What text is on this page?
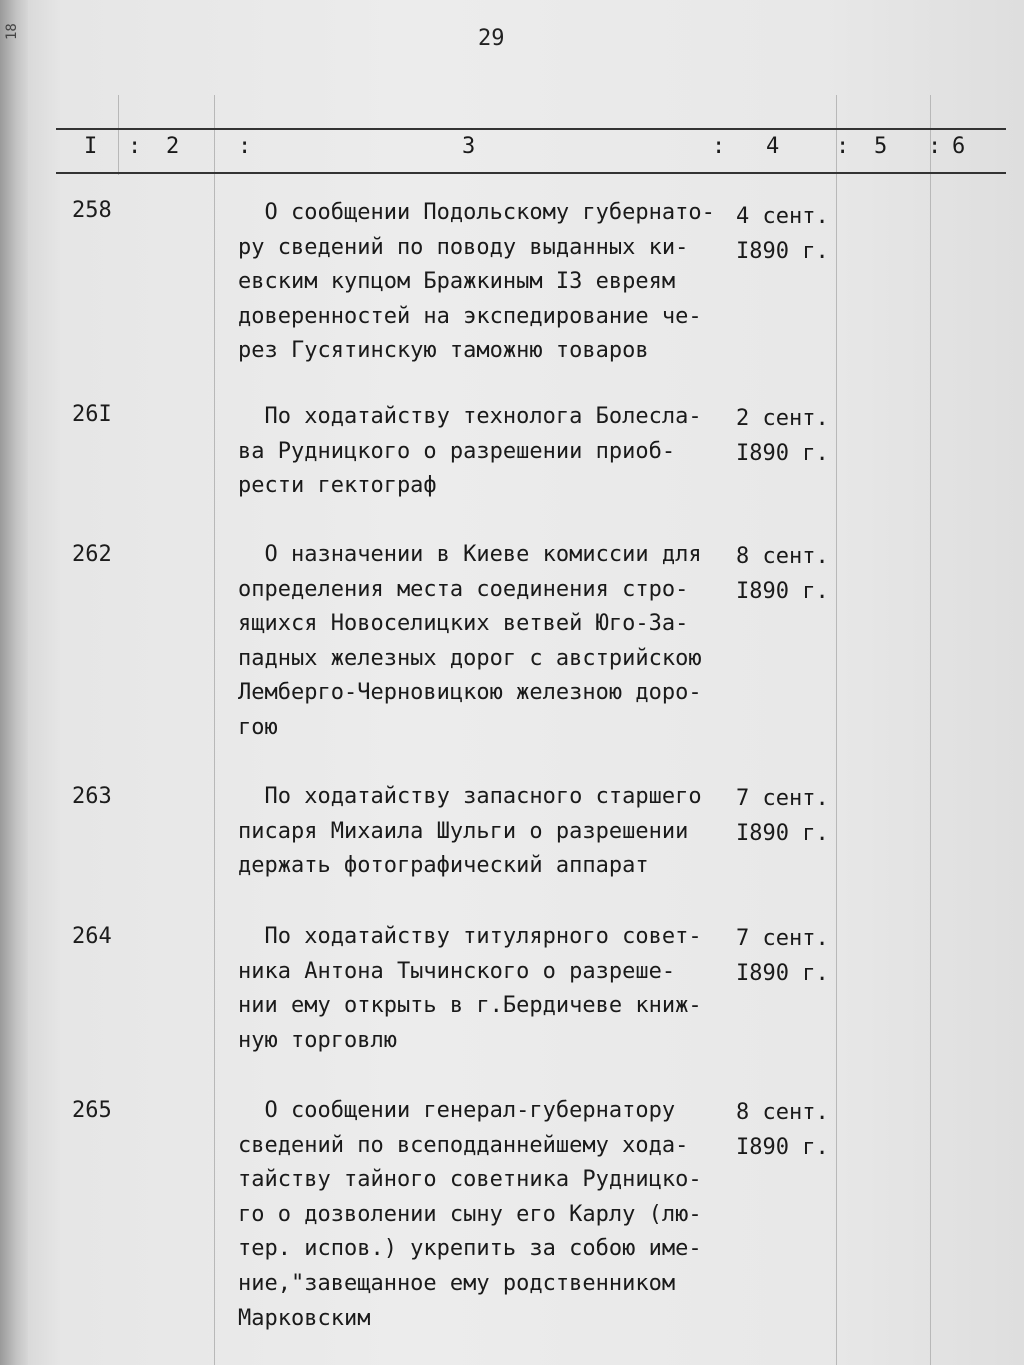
18	29
I : 2	:	3	: 4	: 5 : 6
258	О сообщении Подольскому губернато-
ру сведений по поводу выданных ки-
евским купцом Бражкиным I3 евреям
доверенностей на экспедирование че-
рез Гусятинскую таможню товаров
4 сент.
I890 г.
26I	По ходатайству технолога Болесла-
ва Рудницкого о разрешении приоб-
рести гектограф
2 сент.
I890 г.
262	О назначении в Киеве комиссии для
определения места соединения стро-
ящихся Новоселицких ветвей Юго-За-
падных железных дорог с австрийскою
Лемберго-Черновицкою железною доро-
гою
8 сент.
I890 г.
263	По ходатайству запасного старшего
писаря Михаила Шульги о разрешении
держать фотографический аппарат
7 сент.
I890 г.
264	По ходатайству титулярного совет-
ника Антона Тычинского о разреше-
нии ему открыть в г.Бердичеве книж-
ную торговлю
7 сент.
I890 г.
265	О сообщении генерал-губернатору
сведений по всеподданнейшему хода-
тайству тайного советника Рудницко-
го о дозволении сыну его Карлу (лю-
тер. испов.) укрепить за собою име-
ние,"завещанное ему родственником
Марковским
8 сент.
I890 г.
